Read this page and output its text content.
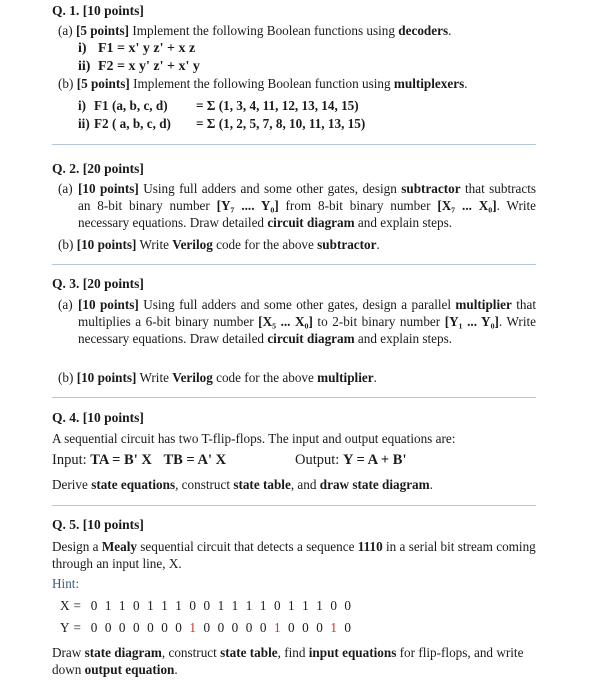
Q. 1. [10 points]
(a) [5 points] Implement the following Boolean functions using decoders.
i) F1 = x' y z' + x z
ii) F2 = x y' z' + x' y
(b) [5 points] Implement the following Boolean function using multiplexers.
i) F1 (a, b, c, d) = Σ (1, 3, 4, 11, 12, 13, 14, 15)
ii) F2 ( a, b, c, d) = Σ (1, 2, 5, 7, 8, 10, 11, 13, 15)
Q. 2. [20 points]
(a) [10 points] Using full adders and some other gates, design subtractor that subtracts an 8-bit binary number [Y₇ .... Y₀] from 8-bit binary number [X₇ ... X₀]. Write necessary equations. Draw detailed circuit diagram and explain steps.
(b) [10 points] Write Verilog code for the above subtractor.
Q. 3. [20 points]
(a) [10 points] Using full adders and some other gates, design a parallel multiplier that multiplies a 6-bit binary number [X₅ ... X₀] to 2-bit binary number [Y₁ ... Y₀]. Write necessary equations. Draw detailed circuit diagram and explain steps.
(b) [10 points] Write Verilog code for the above multiplier.
Q. 4. [10 points]
A sequential circuit has two T-flip-flops. The input and output equations are:
Input: TA = B' X TB = A' X	Output: Y = A + B'
Derive state equations, construct state table, and draw state diagram.
Q. 5. [10 points]
Design a Mealy sequential circuit that detects a sequence 1110 in a serial bit stream coming through an input line, X.
Hint:
X = 0 1 1 0 1 1 1 0 0 1 1 1 1 0 1 1 1 0 0
Y = 0 0 0 0 0 0 0 1 0 0 0 0 0 1 0 0 0 1 0
Draw state diagram, construct state table, find input equations for flip-flops, and write down output equation.
